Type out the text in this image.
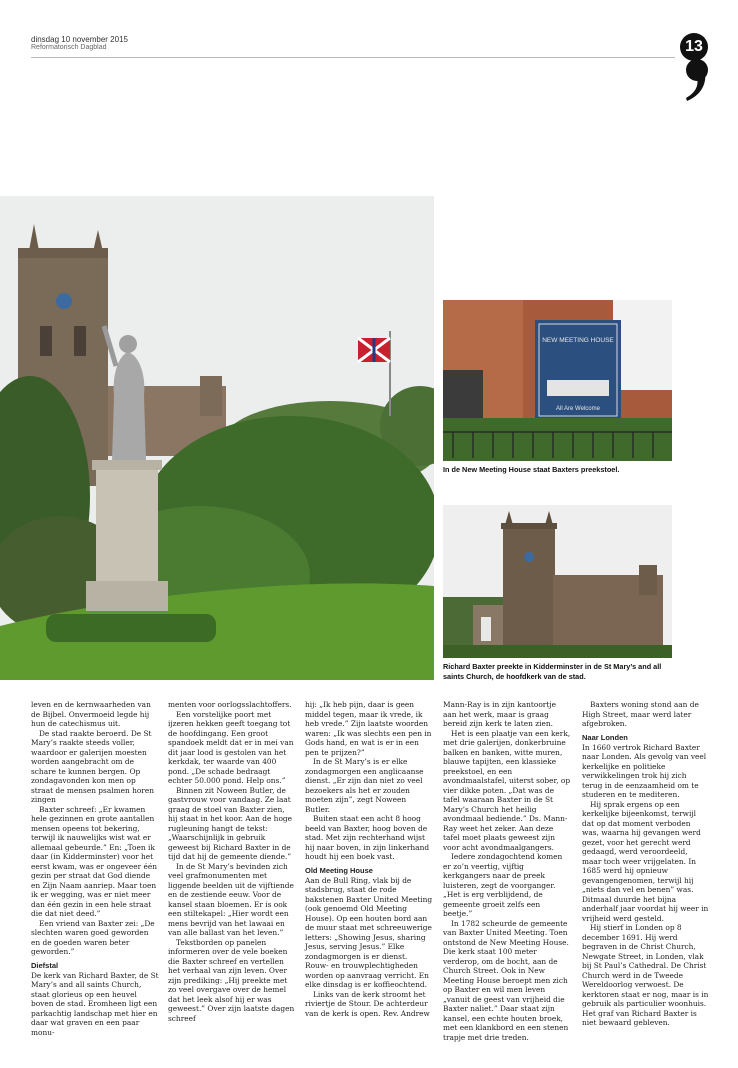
dinsdag 10 november 2015
Reformatorisch Dagblad	13
NEW MEETING HOUSE
All Are Welcome
In de New Meeting House staat Baxters preekstoel.
Richard Baxter preekte in Kidderminster in de St Mary’s and all saints Church, de hoofdkerk van de stad.

leven en de kernwaarheden van de Bijbel. Onvermoeid legde hij hun de catechismus uit.

De stad raakte beroerd. De St Mary’s raakte steeds voller, waardoor er galerijen moesten worden aangebracht om de schare te kunnen bergen. Op zondagavonden kon men op straat de mensen psalmen horen zingen

Baxter schreef: „Er kwamen hele gezinnen en grote aantallen mensen opeens tot bekering, terwijl ik nauwelijks wist wat er allemaal gebeurde.” En: „Toen ik daar (in Kidderminster) voor het eerst kwam, was er ongeveer één gezin per straat dat God diende en Zijn Naam aanriep. Maar toen ik er wegging, was er niet meer dan één gezin in een hele straat die dat niet deed.”

Een vriend van Baxter zei: „De slechten waren goed geworden en de goeden waren beter geworden.”

Diefstal

De kerk van Richard Baxter, de St Mary’s and all saints Church, staat glorieus op een heuvel boven de stad. Eromheen ligt een parkachtig landschap met hier en daar wat graven en een paar monu-

menten voor oorlogsslachtoffers.

Een vorstelijke poort met ijzeren hekken geeft toegang tot de hoofdingang. Een groot spandoek meldt dat er in mei van dit jaar lood is gestolen van het kerkdak, ter waarde van 400 pond. „De schade bedraagt echter 50.000 pond. Help ons.”

Binnen zit Noween Butler, de gastvrouw voor vandaag. Ze laat graag de stoel van Baxter zien, hij staat in het koor. Aan de hoge rugleuning hangt de tekst: „Waarschijnlijk in gebruik geweest bij Richard Baxter in de tijd dat hij de gemeente diende.”

In de St Mary’s bevinden zich veel grafmonumenten met liggende beelden uit de vijftiende en de zestiende eeuw. Voor de kansel staan bloemen. Er is ook een stiltekapel: „Hier wordt een mens bevrijd van het lawaai en van alle ballast van het leven.”

Tekstborden op panelen informeren over de vele boeken die Baxter schreef en vertellen het verhaal van zijn leven. Over zijn prediking: „Hij preekte met zo veel overgave over de hemel dat het leek alsof hij er was geweest.” Over zijn laatste dagen schreef

hij: „Ik heb pijn, daar is geen middel tegen, maar ik vrede, ik heb vrede.” Zijn laatste woorden waren: „Ik was slechts een pen in Gods hand, en wat is er in een pen te prijzen?”

In de St Mary’s is er elke zondagmorgen een anglicaanse dienst. „Er zijn dan niet zo veel bezoekers als het er zouden moeten zijn”, zegt Noween Butler.

Buiten staat een acht 8 hoog beeld van Baxter, hoog boven de stad. Met zijn rechterhand wijst hij naar boven, in zijn linkerhand houdt hij een boek vast.

Old Meeting House

Aan de Bull Ring, vlak bij de stadsbrug, staat de rode bakstenen Baxter United Meeting (ook genoemd Old Meeting House). Op een houten bord aan de muur staat met schreeuwerige letters: „Showing Jesus, sharing Jesus, serving Jesus.” Elke zondagmorgen is er dienst. Rouw- en trouwplechtigheden worden op aanvraag verricht. En elke dinsdag is er koffieochtend.

Links van de kerk stroomt het riviertje de Stour. De achterdeur van de kerk is open. Rev. Andrew

Mann-Ray is in zijn kantoortje aan het werk, maar is graag bereid zijn kerk te laten zien.

Het is een plaatje van een kerk, met drie galerijen, donkerbruine balken en banken, witte muren, blauwe tapijten, een klassieke preekstoel, en een avondmaalstafel, uiterst sober, op vier dikke poten. „Dat was de tafel waaraan Baxter in de St Mary’s Church het heilig avondmaal bediende.” Ds. Mann-Ray weet het zeker. Aan deze tafel moet plaats geweest zijn voor acht avondmaalgangers.

Iedere zondagochtend komen er zo’n veertig, vijftig kerkgangers naar de preek luisteren, zegt de voorganger. „Het is erg verblijdend, de gemeente groeit zelfs een beetje.”

In 1782 scheurde de gemeente van Baxter United Meeting. Toen ontstond de New Meeting House. Die kerk staat 100 meter verderop, om de bocht, aan de Church Street. Ook in New Meeting House beroept men zich op Baxter en wil men leven „vanuit de geest van vrijheid die Baxter naliet.” Daar staat zijn kansel, een echte houten broek, met een klankbord en een stenen trapje met drie treden.

Baxters woning stond aan de High Street, maar werd later afgebroken.

Naar Londen

In 1660 vertrok Richard Baxter naar Londen. Als gevolg van veel kerkelijke en politieke verwikkelingen trok hij zich terug in de eenzaamheid om te studeren en te mediteren.

Hij sprak ergens op een kerkelijke bijeenkomst, terwijl dat op dat moment verboden was, waarna hij gevangen werd gezet, voor het gerecht werd gedaagd, werd veroordeeld, maar toch weer vrijgelaten. In 1685 werd hij opnieuw gevangengenomen, terwijl hij „niets dan vel en benen” was. Ditmaal duurde het bijna anderhalf jaar voordat hij weer in vrijheid werd gesteld.

Hij stierf in Londen op 8 december 1691. Hij werd begraven in de Christ Church, Newgate Street, in Londen, vlak bij St Paul’s Cathedral. De Christ Church werd in de Tweede Wereldoorlog verwoest. De kerktoren staat er nog, maar is in gebruik als particulier woonhuis. Het graf van Richard Baxter is niet bewaard gebleven.
